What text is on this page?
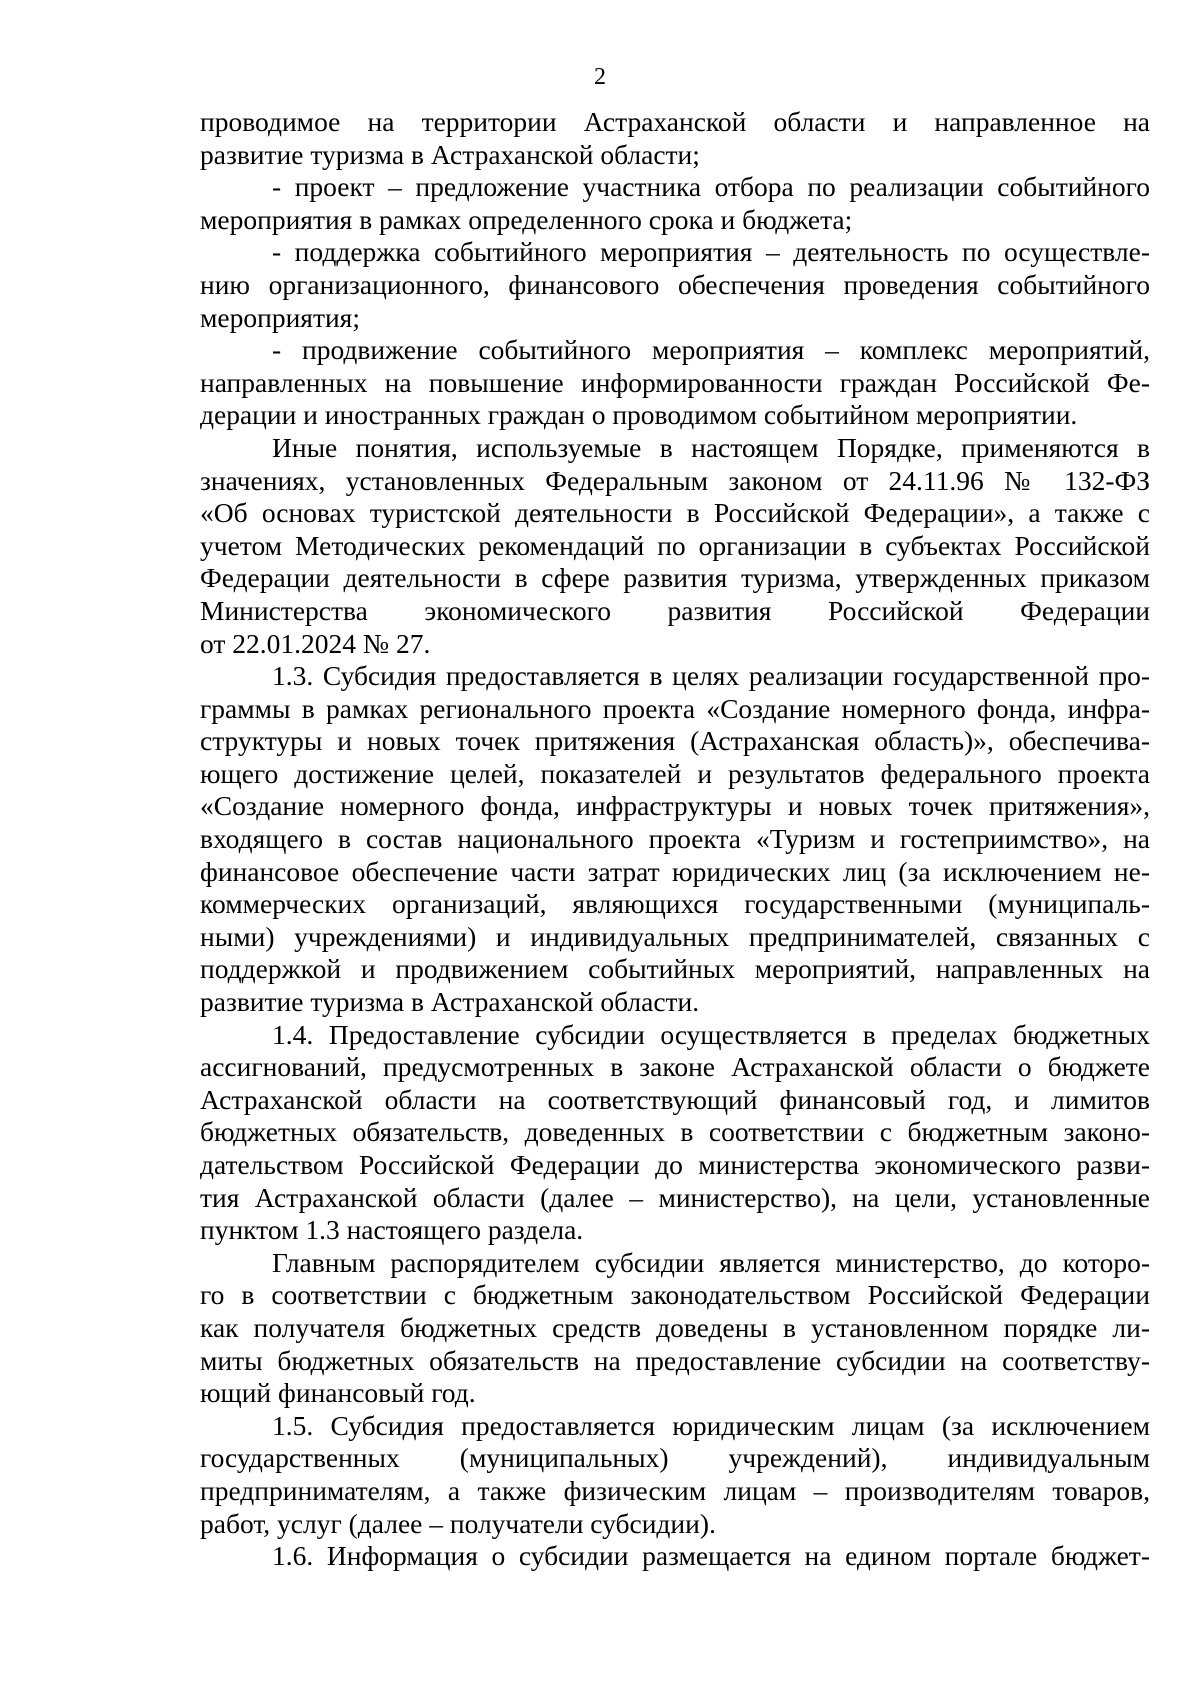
2
проводимое на территории Астраханской области и направленное на
развитие туризма в Астраханской области;
- проект – предложение участника отбора по реализации событийного
мероприятия в рамках определенного срока и бюджета;
- поддержка событийного мероприятия – деятельность по осуществле-
нию организационного, финансового обеспечения проведения событийного
мероприятия;
- продвижение событийного мероприятия – комплекс мероприятий,
направленных на повышение информированности граждан Российской Фе-
дерации и иностранных граждан о проводимом событийном мероприятии.
Иные понятия, используемые в настоящем Порядке, применяются в
значениях, установленных Федеральным законом от 24.11.96 № 132-ФЗ
«Об основах туристской деятельности в Российской Федерации», а также с
учетом Методических рекомендаций по организации в субъектах Российской
Федерации деятельности в сфере развития туризма, утвержденных приказом
Министерства экономического развития Российской Федерации
от 22.01.2024 № 27.
1.3. Субсидия предоставляется в целях реализации государственной про-
граммы в рамках регионального проекта «Создание номерного фонда, инфра-
структуры и новых точек притяжения (Астраханская область)», обеспечива-
ющего достижение целей, показателей и результатов федерального проекта
«Создание номерного фонда, инфраструктуры и новых точек притяжения»,
входящего в состав национального проекта «Туризм и гостеприимство», на
финансовое обеспечение части затрат юридических лиц (за исключением не-
коммерческих организаций, являющихся государственными (муниципаль-
ными) учреждениями) и индивидуальных предпринимателей, связанных с
поддержкой и продвижением событийных мероприятий, направленных на
развитие туризма в Астраханской области.
1.4. Предоставление субсидии осуществляется в пределах бюджетных
ассигнований, предусмотренных в законе Астраханской области о бюджете
Астраханской области на соответствующий финансовый год, и лимитов
бюджетных обязательств, доведенных в соответствии с бюджетным законо-
дательством Российской Федерации до министерства экономического разви-
тия Астраханской области (далее – министерство), на цели, установленные
пунктом 1.3 настоящего раздела.
Главным распорядителем субсидии является министерство, до которо-
го в соответствии с бюджетным законодательством Российской Федерации
как получателя бюджетных средств доведены в установленном порядке ли-
миты бюджетных обязательств на предоставление субсидии на соответству-
ющий финансовый год.
1.5. Субсидия предоставляется юридическим лицам (за исключением
государственных (муниципальных) учреждений), индивидуальным
предпринимателям, а также физическим лицам – производителям товаров,
работ, услуг (далее – получатели субсидии).
1.6. Информация о субсидии размещается на едином портале бюджет-
